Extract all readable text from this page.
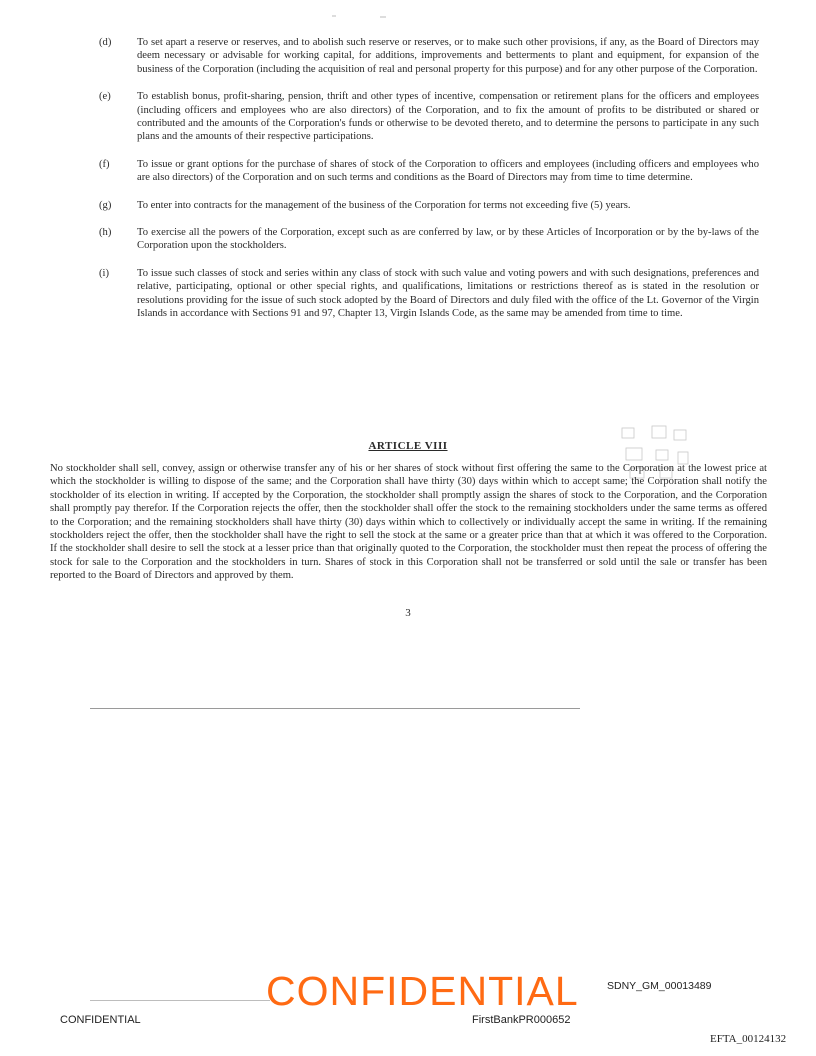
(d) To set apart a reserve or reserves, and to abolish such reserve or reserves, or to make such other provisions, if any, as the Board of Directors may deem necessary or advisable for working capital, for additions, improvements and betterments to plant and equipment, for expansion of the business of the Corporation (including the acquisition of real and personal property for this purpose) and for any other purpose of the Corporation.
(e) To establish bonus, profit-sharing, pension, thrift and other types of incentive, compensation or retirement plans for the officers and employees (including officers and employees who are also directors) of the Corporation, and to fix the amount of profits to be distributed or shared or contributed and the amounts of the Corporation's funds or otherwise to be devoted thereto, and to determine the persons to participate in any such plans and the amounts of their respective participations.
(f)	To issue or grant options for the purchase of shares of stock of the Corporation to officers and employees (including officers and employees who are also directors) of the Corporation and on such terms and conditions as the Board of Directors may from time to time determine.
(g) To enter into contracts for the management of the business of the Corporation for terms not exceeding five (5) years.
(h) To exercise all the powers of the Corporation, except such as are conferred by law, or by these Articles of Incorporation or by the by-laws of the Corporation upon the stockholders.
(i)	To issue such classes of stock and series within any class of stock with such value and voting powers and with such designations, preferences and relative, participating, optional or other special rights, and qualifications, limitations or restrictions thereof as is stated in the resolution or resolutions providing for the issue of such stock adopted by the Board of Directors and duly filed with the office of the Lt. Governor of the Virgin Islands in accordance with Sections 91 and 97, Chapter 13, Virgin Islands Code, as the same may be amended from time to time.
ARTICLE VIII
No stockholder shall sell, convey, assign or otherwise transfer any of his or her shares of stock without first offering the same to the Corporation at the lowest price at which the stockholder is willing to dispose of the same; and the Corporation shall have thirty (30) days within which to accept same; the Corporation shall notify the stockholder of its election in writing. If accepted by the Corporation, the stockholder shall promptly assign the shares of stock to the Corporation, and the Corporation shall promptly pay therefor. If the Corporation rejects the offer, then the stockholder shall offer the stock to the remaining stockholders under the same terms as offered to the Corporation; and the remaining stockholders shall have thirty (30) days within which to collectively or individually accept the same in writing. If the remaining stockholders reject the offer, then the stockholder shall have the right to sell the stock at the same or a greater price than that at which it was offered to the Corporation. If the stockholder shall desire to sell the stock at a lesser price than that originally quoted to the Corporation, the stockholder must then repeat the process of offering the stock for sale to the Corporation and the stockholders in turn. Shares of stock in this Corporation shall not be transferred or sold until the sale or transfer has been reported to the Board of Directors and approved by them.
3
SDNY_GM_00013489
CONFIDENTIAL
CONFIDENTIAL	FirstBankPR000652
EFTA_00124132
